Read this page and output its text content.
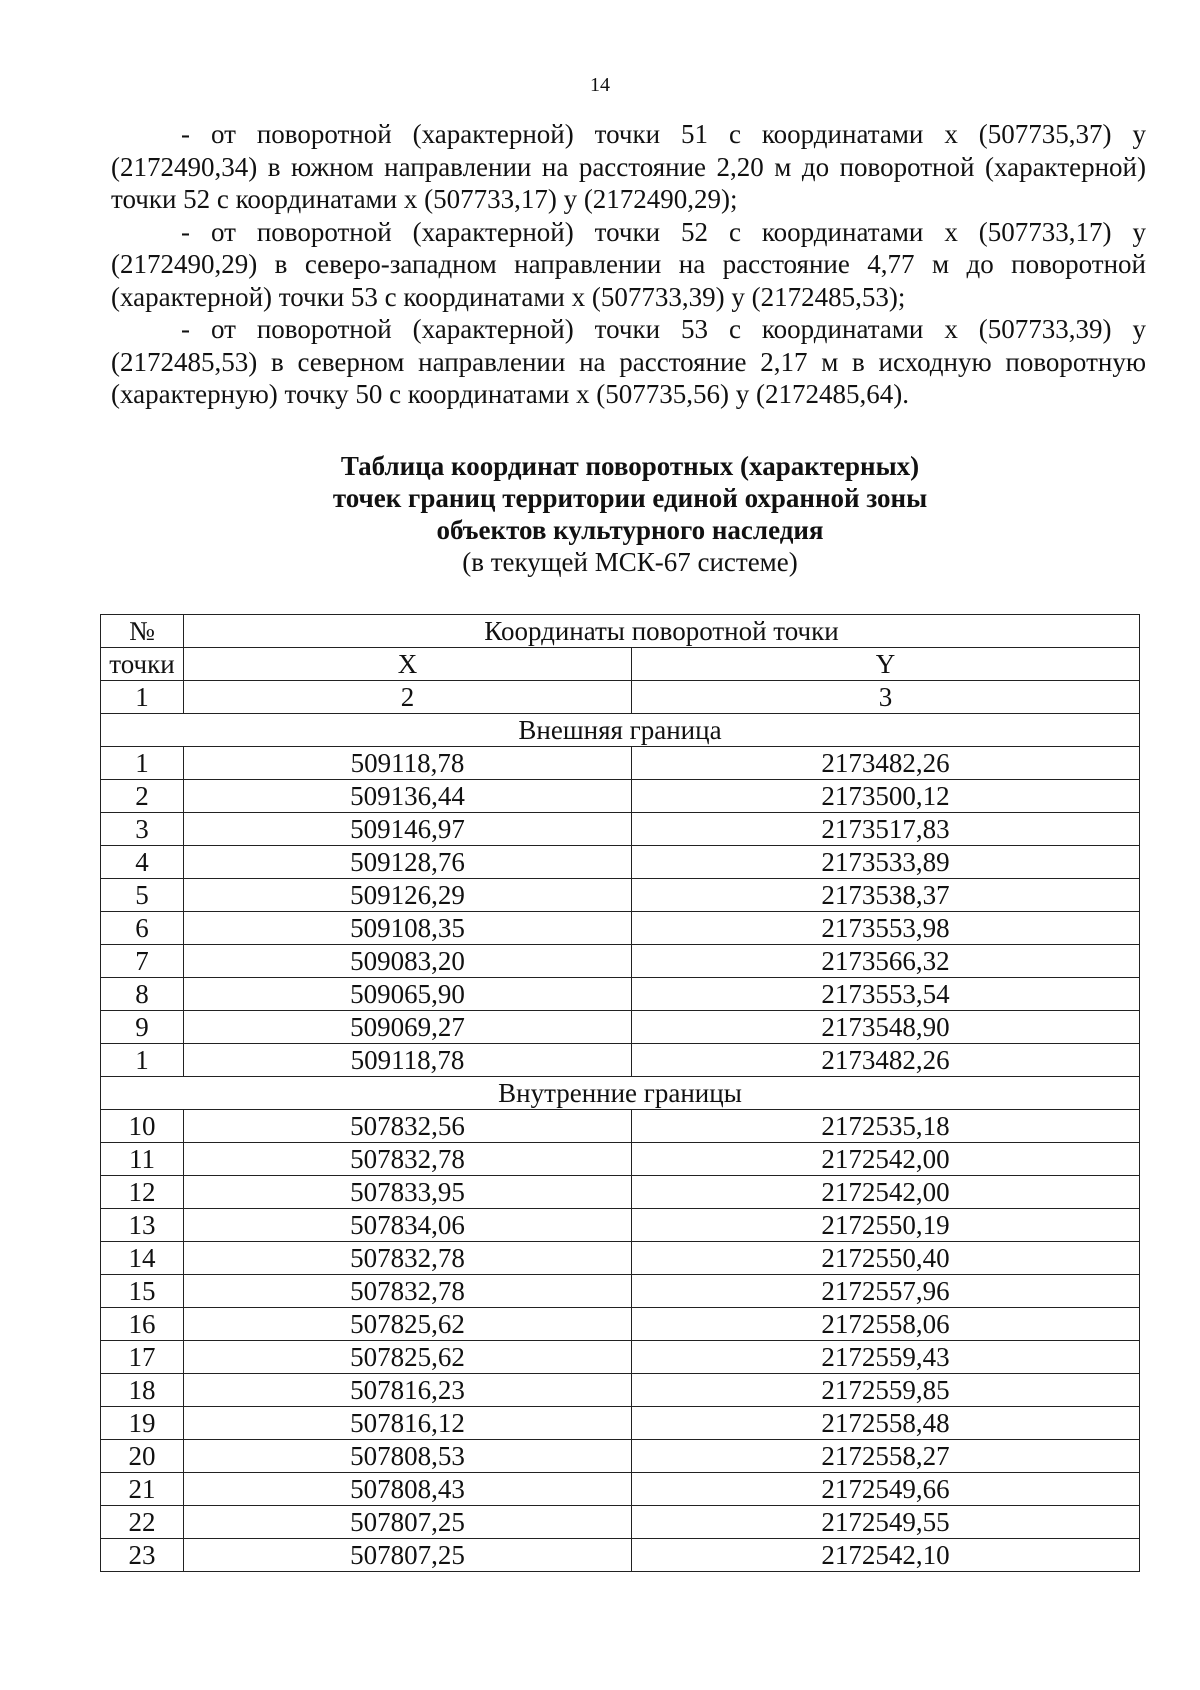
14

- от поворотной (характерной) точки 51 с координатами х (507735,37) у (2172490,34) в южном направлении на расстояние 2,20 м до поворотной (характерной) точки 52 с координатами х (507733,17) у (2172490,29);

- от поворотной (характерной) точки 52 с координатами х (507733,17) у (2172490,29) в северо-западном направлении на расстояние 4,77 м до поворотной (характерной) точки 53 с координатами х (507733,39) у (2172485,53);

- от поворотной (характерной) точки 53 с координатами х (507733,39) у (2172485,53) в северном направлении на расстояние 2,17 м в исходную поворотную (характерную) точку 50 с координатами х (507735,56) у (2172485,64).

Таблица координат поворотных (характерных)
точек границ территории единой охранной зоны
объектов культурного наследия
(в текущей МСК-67 системе)
№	Координаты поворотной точки	
точки	X	Y
1	2	3
Внешняя граница		
1	509118,78	2173482,26
2	509136,44	2173500,12
3	509146,97	2173517,83
4	509128,76	2173533,89
5	509126,29	2173538,37
6	509108,35	2173553,98
7	509083,20	2173566,32
8	509065,90	2173553,54
9	509069,27	2173548,90
1	509118,78	2173482,26
Внутренние границы		
10	507832,56	2172535,18
11	507832,78	2172542,00
12	507833,95	2172542,00
13	507834,06	2172550,19
14	507832,78	2172550,40
15	507832,78	2172557,96
16	507825,62	2172558,06
17	507825,62	2172559,43
18	507816,23	2172559,85
19	507816,12	2172558,48
20	507808,53	2172558,27
21	507808,43	2172549,66
22	507807,25	2172549,55
23	507807,25	2172542,10
